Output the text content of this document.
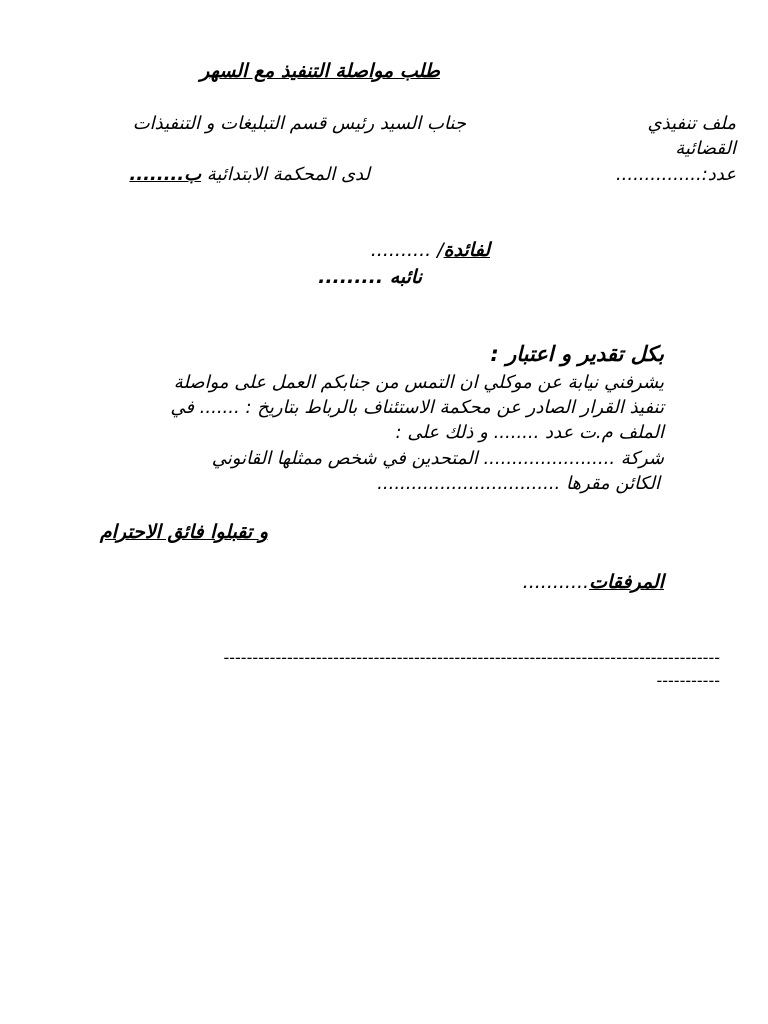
طلب مواصلة التنفيذ مع السهر
ملف تنفيذي
القضائية
عدد:...............
جناب السيد رئيس قسم التبليغات و التنفيذات
لدى المحكمة الابتدائية ب........
لفائدة/ ..........
نائبه .........
بكل تقدير و اعتبار :
يشرفني نيابة عن موكلي ان التمس من جنابكم العمل على مواصلة
تنفيذ القرار الصادر عن محكمة الاستئناف بالرباط بتاريخ : ....... في
الملف م.ت عدد ........ و ذلك على :
شركة ....................... المتحدين في شخص ممثلها القانوني
الكائن مقرها ................................
و تقبلوا فائق الاحترام
المرفقات...........
--------------------------------------------------------------------------------------
-----------
